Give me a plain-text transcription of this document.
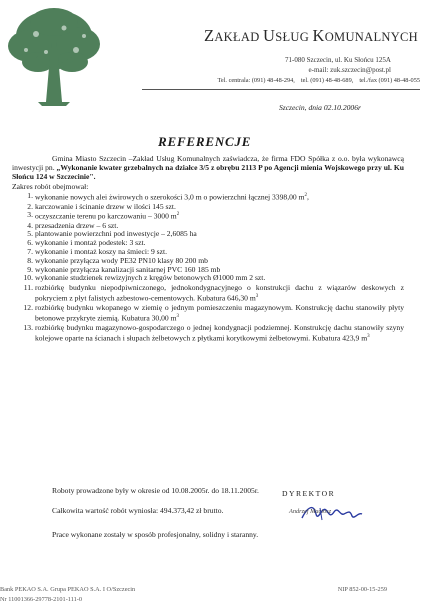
ZAKŁAD USŁUG KOMUNALNYCH
71-080 Szczecin, ul. Ku Słońcu 125A
e-mail: zuk.szczecin@post.pl
Tel. centrala: (091) 48-48-294, tel. (091) 48-48-689, tel./fax (091) 48-48-055
Szczecin, dnia 02.10.2006r
REFERENCJE

Gmina Miasto Szczecin –Zakład Usług Komunalnych zaświadcza, że firma FDO Spółka z o.o. była wykonawcą inwestycji pn. „Wykonanie kwater grzebalnych na działce 3/5 z obrębu 2113 P po Agencji mienia Wojskowego przy ul. Ku Słońcu 124 w Szczecinie".

Zakres robót obejmował:

1. wykonanie nowych alei żwirowych o szerokości 3,0 m o powierzchni łącznej 3398,00 $m^2$,
2. karczowanie i ścinanie drzew w ilości 145 szt.
3. oczyszczanie terenu po karczowaniu – 3000 $m^2$
4. przesadzenia drzew – 6 szt.
5. plantowanie powierzchni pod inwestycje – 2,6085 ha
6. wykonanie i montaż podestek: 3 szt.
7. wykonanie i montaż koszy na śmieci: 9 szt.
8. wykonanie przyłącza wody PE32 PN10 klasy 80 200 mb
9. wykonanie przyłącza kanalizacji sanitarnej PVC 160 185 mb
10. wykonanie studzienek rewizyjnych z kręgów betonowych Ø1000 mm 2 szt.
11. rozbiórkę budynku niepodpiwniczonego, jednokondygnacyjnego o konstrukcji dachu z wiązarów deskowych z pokryciem z płyt falistych azbestowo-cementowych. Kubatura 646,30 $m^3$
12. rozbiórkę budynku wkopanego w ziemię o jednym pomieszczeniu magazynowym. Konstrukcję dachu stanowiły płyty betonowe przykryte ziemią. Kubatura 30,00 $m^3$
13. rozbiórkę budynku magazynowo-gospodarczego o jednej kondygnacji podziemnej. Konstrukcję dachu stanowiły szyny kolejowe oparte na ścianach i słupach żelbetowych z płytkami korytkowymi żelbetowymi. Kubatura 423,9 $m^3$
Roboty prowadzone były w okresie od 10.08.2005r. do 18.11.2005r.
Całkowita wartość robót wyniosła: 494.373,42 zł brutto.
Prace wykonane zostały w sposób profesjonalny, solidny i staranny.
DYREKTOR
Andrzej Maciosz
Bank PEKAO S.A. Grupa PEKAO S.A. I O/Szczecin
Nr 11001366-29778-2101-111-0
NIP 852-00-15-259
